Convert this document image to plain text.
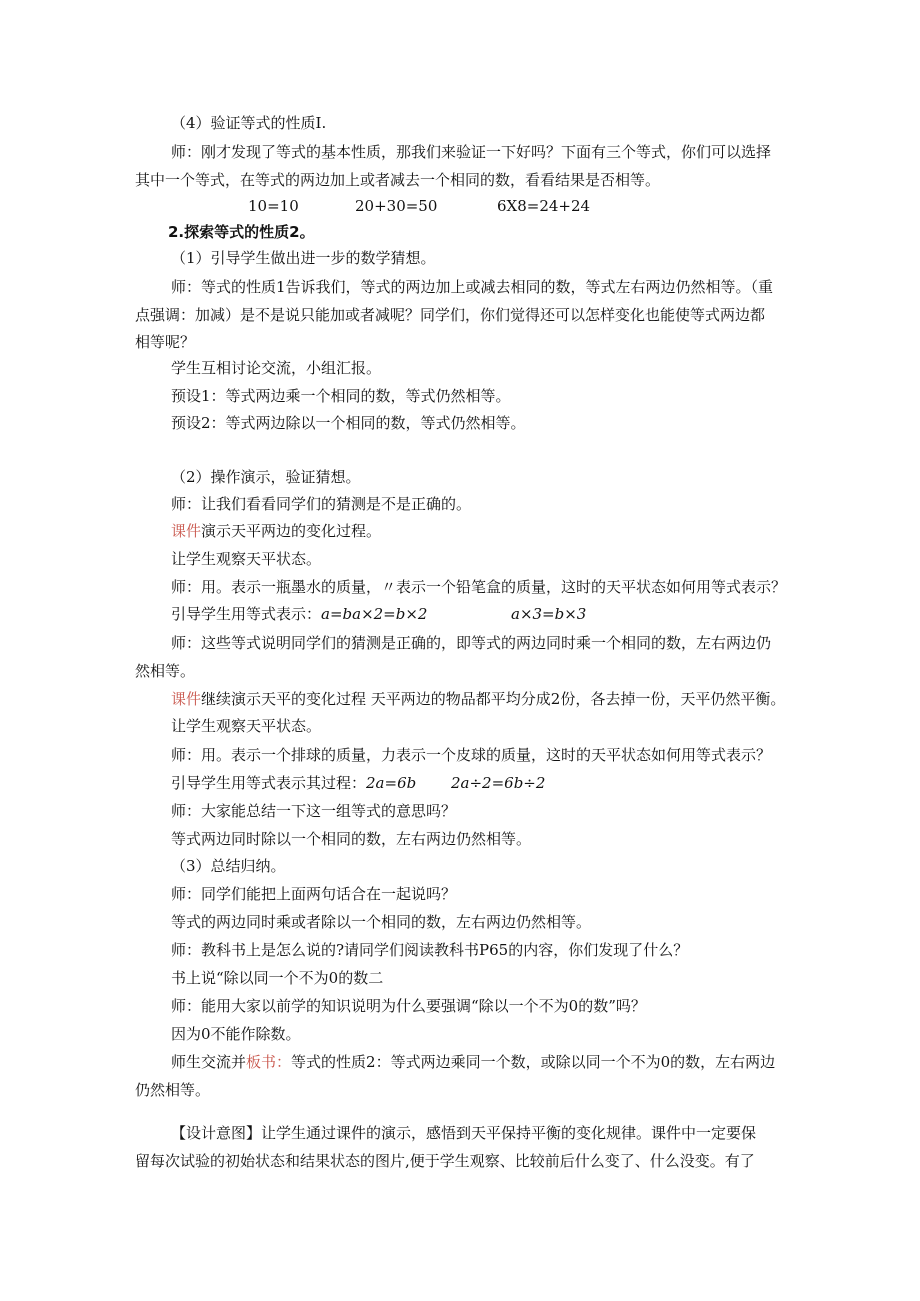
（4）验证等式的性质I.
师：刚才发现了等式的基本性质，那我们来验证一下好吗？下面有三个等式，你们可以选择
其中一个等式，在等式的两边加上或者减去一个相同的数，看看结果是否相等。
10=10	20+30=50	6X8=24+24
2.探索等式的性质2。
（1）引导学生做出进一步的数学猜想。
师：等式的性质1告诉我们，等式的两边加上或减去相同的数，等式左右两边仍然相等。（重
点强调：加减）是不是说只能加或者减呢？同学们，你们觉得还可以怎样变化也能使等式两边都
相等呢？
学生互相讨论交流，小组汇报。
预设1：等式两边乘一个相同的数，等式仍然相等。
预设2：等式两边除以一个相同的数，等式仍然相等。
（2）操作演示，验证猜想。
师：让我们看看同学们的猜测是不是正确的。
课件演示天平两边的变化过程。
让学生观察天平状态。
师：用。表示一瓶墨水的质量，〃表示一个铅笔盒的质量，这时的天平状态如何用等式表示？
引导学生用等式表示：a=ba×2=b×2	a×3=b×3
师：这些等式说明同学们的猜测是正确的，即等式的两边同时乘一个相同的数，左右两边仍
然相等。
课件继续演示天平的变化过程 天平两边的物品都平均分成2份，各去掉一份，天平仍然平衡。
让学生观察天平状态。
师：用。表示一个排球的质量，力表示一个皮球的质量，这时的天平状态如何用等式表示？
引导学生用等式表示其过程：2a=6b 2a÷2=6b÷2
师：大家能总结一下这一组等式的意思吗？
等式两边同时除以一个相同的数，左右两边仍然相等。
（3）总结归纳。
师：同学们能把上面两句话合在一起说吗？
等式的两边同时乘或者除以一个相同的数，左右两边仍然相等。
师：教科书上是怎么说的?请同学们阅读教科书P65的内容，你们发现了什么？
书上说“除以同一个不为0的数二
师：能用大家以前学的知识说明为什么要强调“除以一个不为0的数”吗？
因为0不能作除数。
师生交流并板书：等式的性质2：等式两边乘同一个数，或除以同一个不为0的数，左右两边
仍然相等。
【设计意图】让学生通过课件的演示，感悟到天平保持平衡的变化规律。课件中一定要保
留每次试验的初始状态和结果状态的图片,便于学生观察、比较前后什么变了、什么没变。有了
